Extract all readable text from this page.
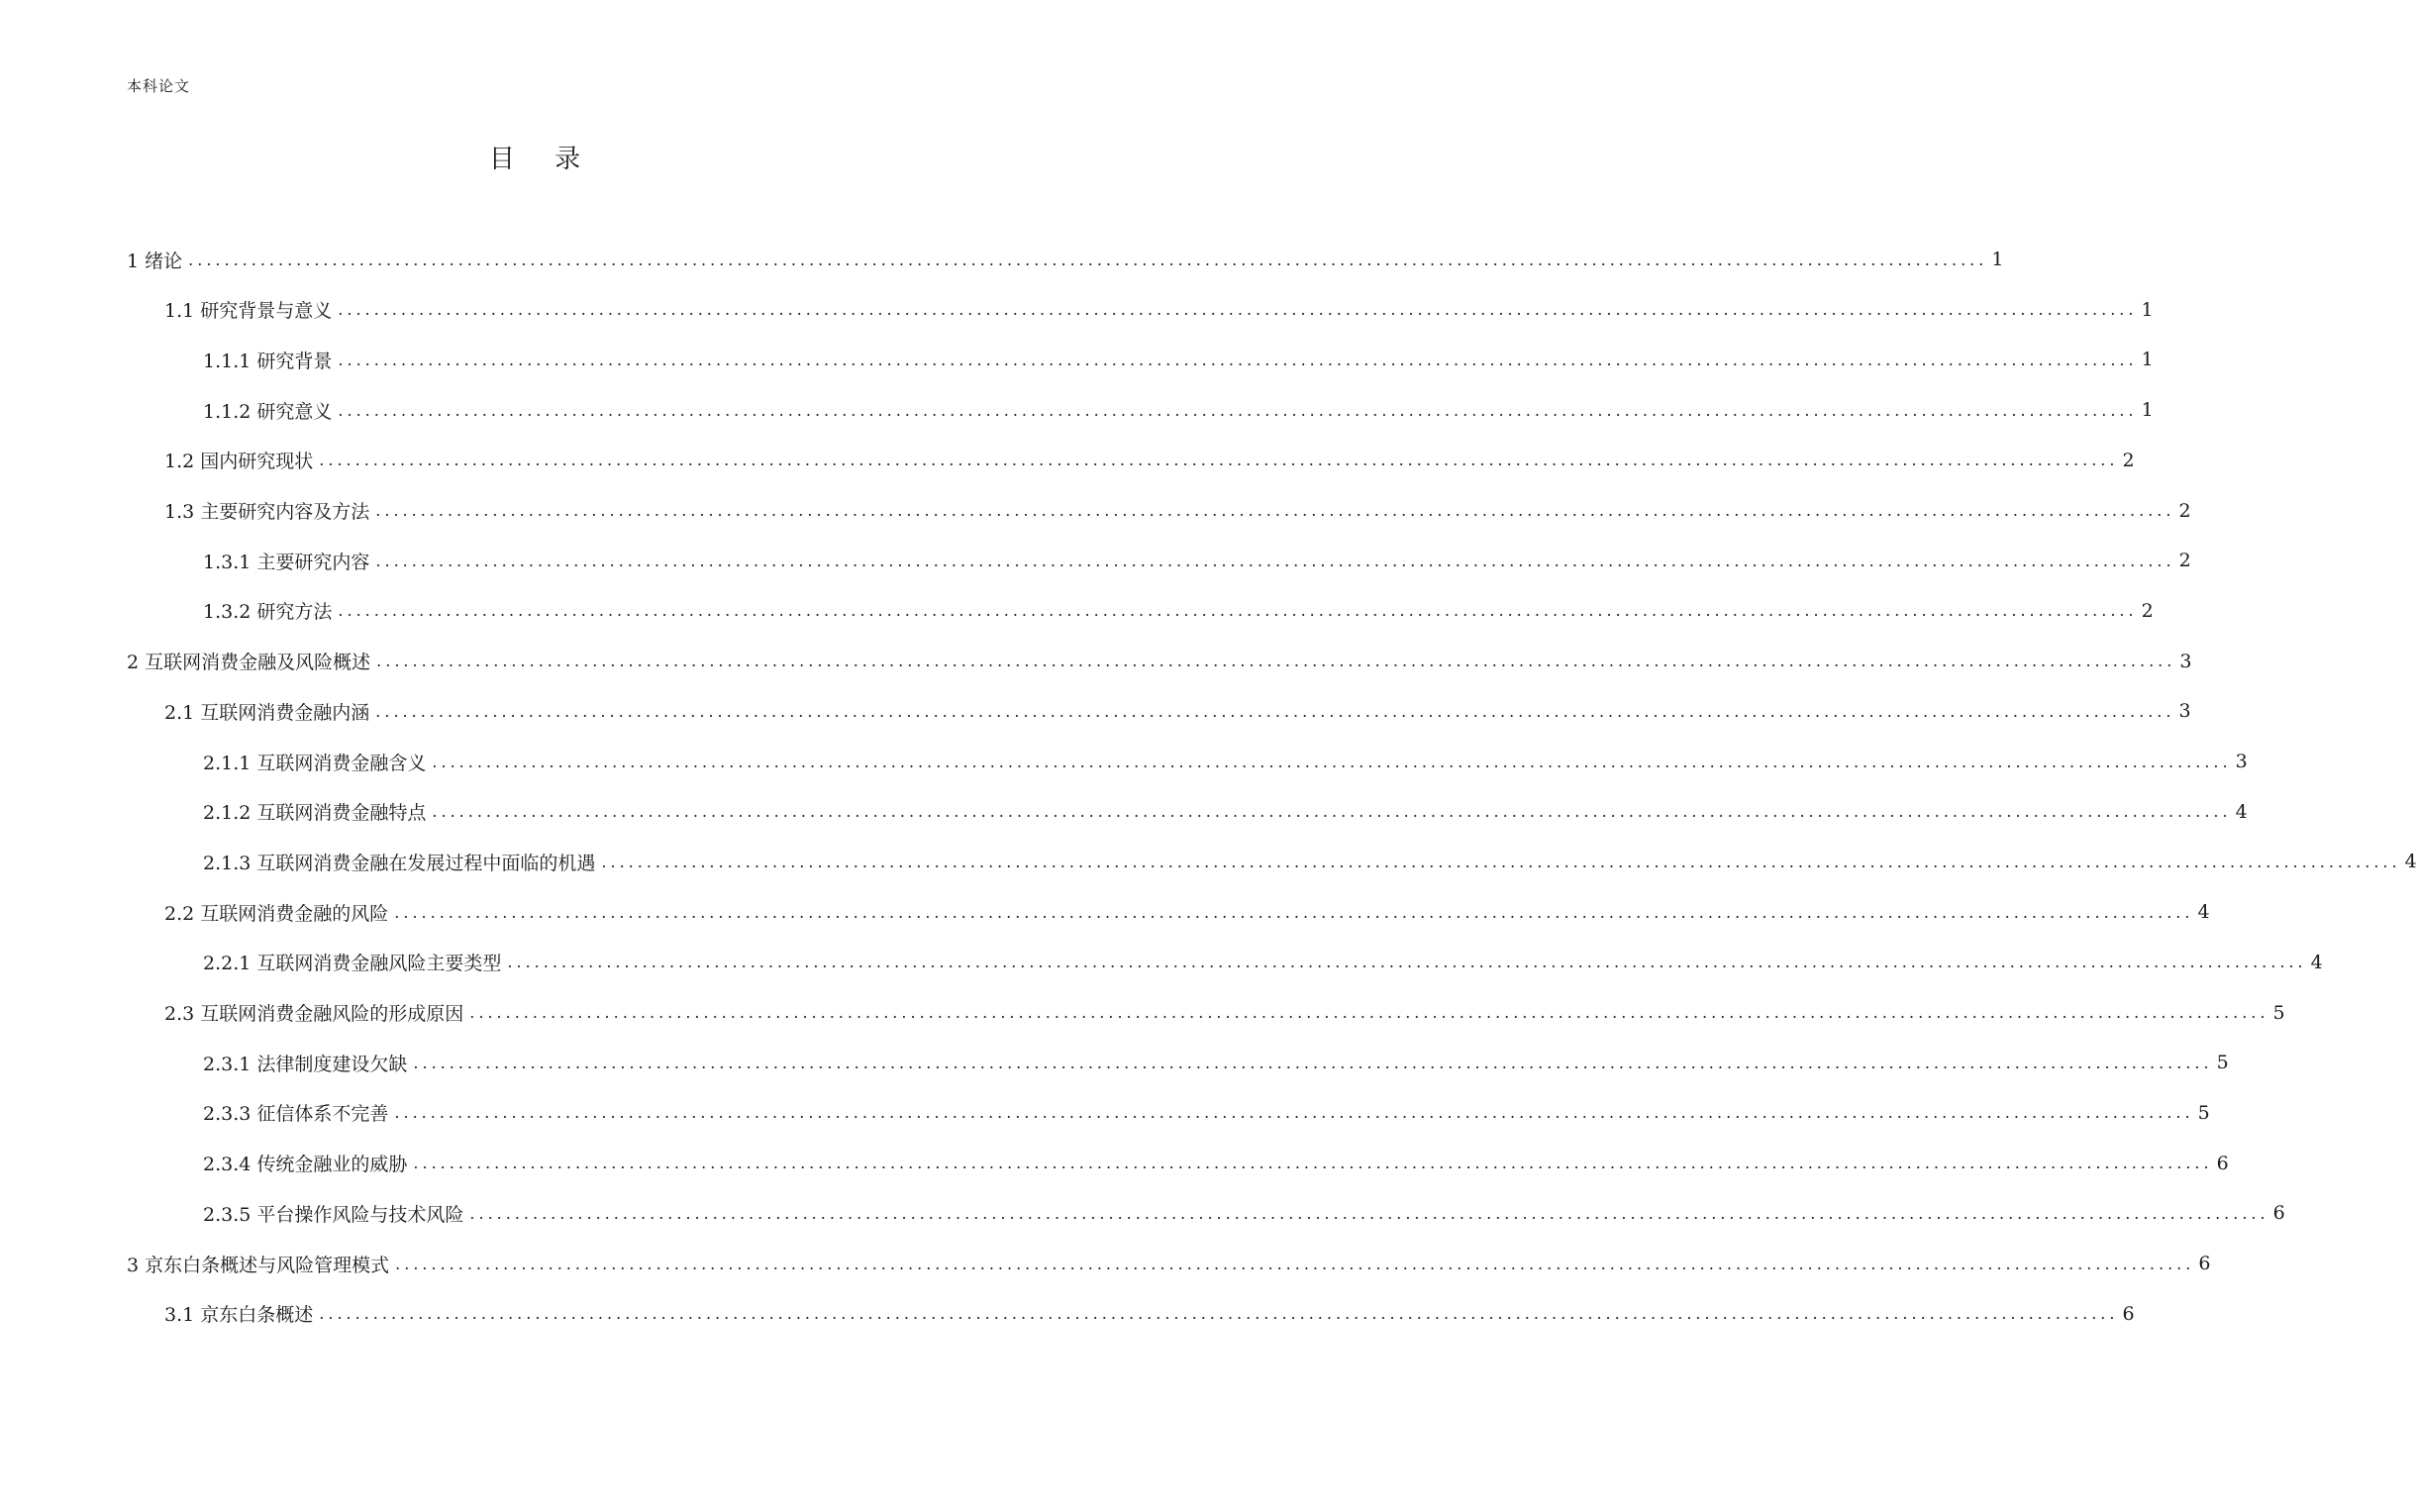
本科论文
目 录
1 绪论 ........................................................................................................................................................................................................ 1
1.1 研究背景与意义 ........................................................................................................................................................................................................ 1
1.1.1 研究背景 ........................................................................................................................................................................................................ 1
1.1.2 研究意义 ........................................................................................................................................................................................................ 1
1.2 国内研究现状 ........................................................................................................................................................................................................ 2
1.3 主要研究内容及方法 ........................................................................................................................................................................................................ 2
1.3.1 主要研究内容 ........................................................................................................................................................................................................ 2
1.3.2 研究方法 ........................................................................................................................................................................................................ 2
2 互联网消费金融及风险概述 ........................................................................................................................................................................................................ 3
2.1 互联网消费金融内涵 ........................................................................................................................................................................................................ 3
2.1.1 互联网消费金融含义 ........................................................................................................................................................................................................ 3
2.1.2 互联网消费金融特点 ........................................................................................................................................................................................................ 4
2.1.3 互联网消费金融在发展过程中面临的机遇 ........................................................................................................................................................................................................ 4
2.2 互联网消费金融的风险 ........................................................................................................................................................................................................ 4
2.2.1 互联网消费金融风险主要类型 ........................................................................................................................................................................................................ 4
2.3 互联网消费金融风险的形成原因 ........................................................................................................................................................................................................ 5
2.3.1 法律制度建设欠缺 ........................................................................................................................................................................................................ 5
2.3.3 征信体系不完善 ........................................................................................................................................................................................................ 5
2.3.4 传统金融业的威胁 ........................................................................................................................................................................................................ 6
2.3.5 平台操作风险与技术风险 ........................................................................................................................................................................................................ 6
3 京东白条概述与风险管理模式 ........................................................................................................................................................................................................ 6
3.1 京东白条概述 ........................................................................................................................................................................................................ 6
